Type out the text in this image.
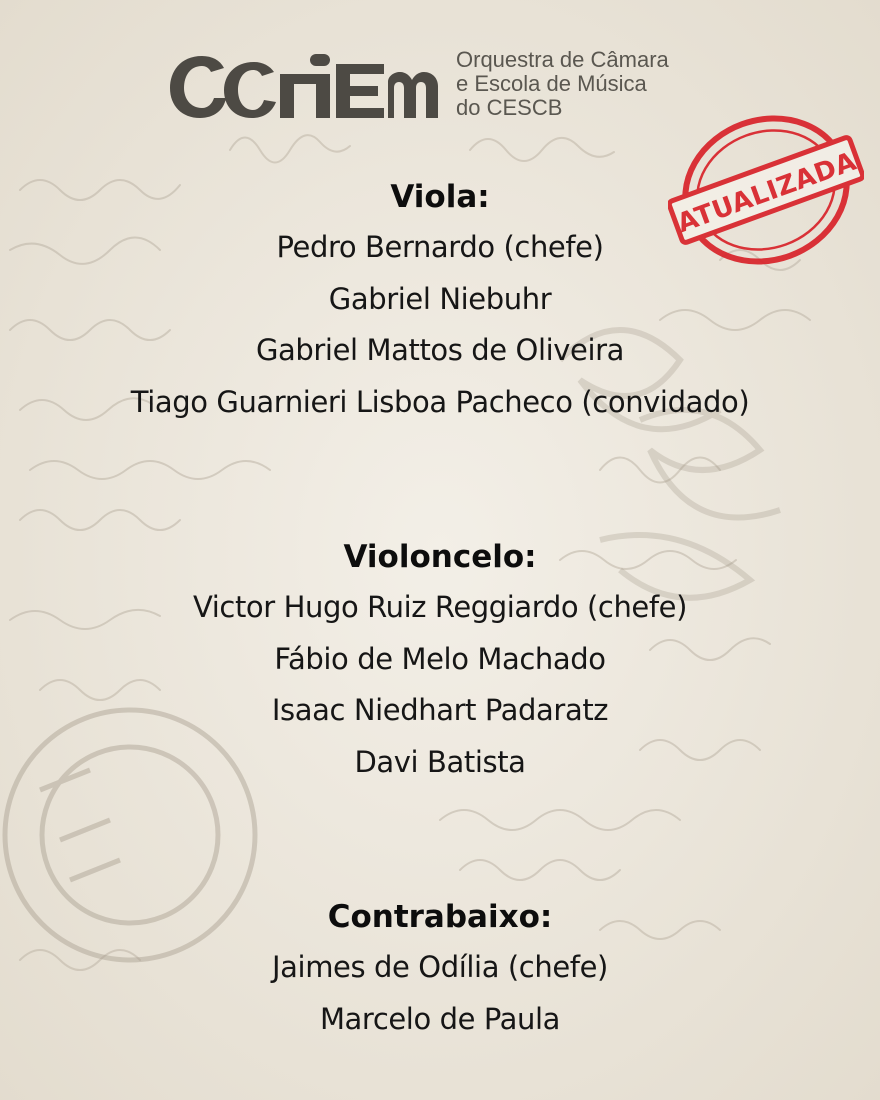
Orquestra de Câmara
e Escola de Música
do CESCB
ATUALIZADA
Viola:
Pedro Bernardo (chefe)
Gabriel Niebuhr
Gabriel Mattos de Oliveira
Tiago Guarnieri Lisboa Pacheco (convidado)
Violoncelo:
Victor Hugo Ruiz Reggiardo (chefe)
Fábio de Melo Machado
Isaac Niedhart Padaratz
Davi Batista
Contrabaixo:
Jaimes de Odília (chefe)
Marcelo de Paula
